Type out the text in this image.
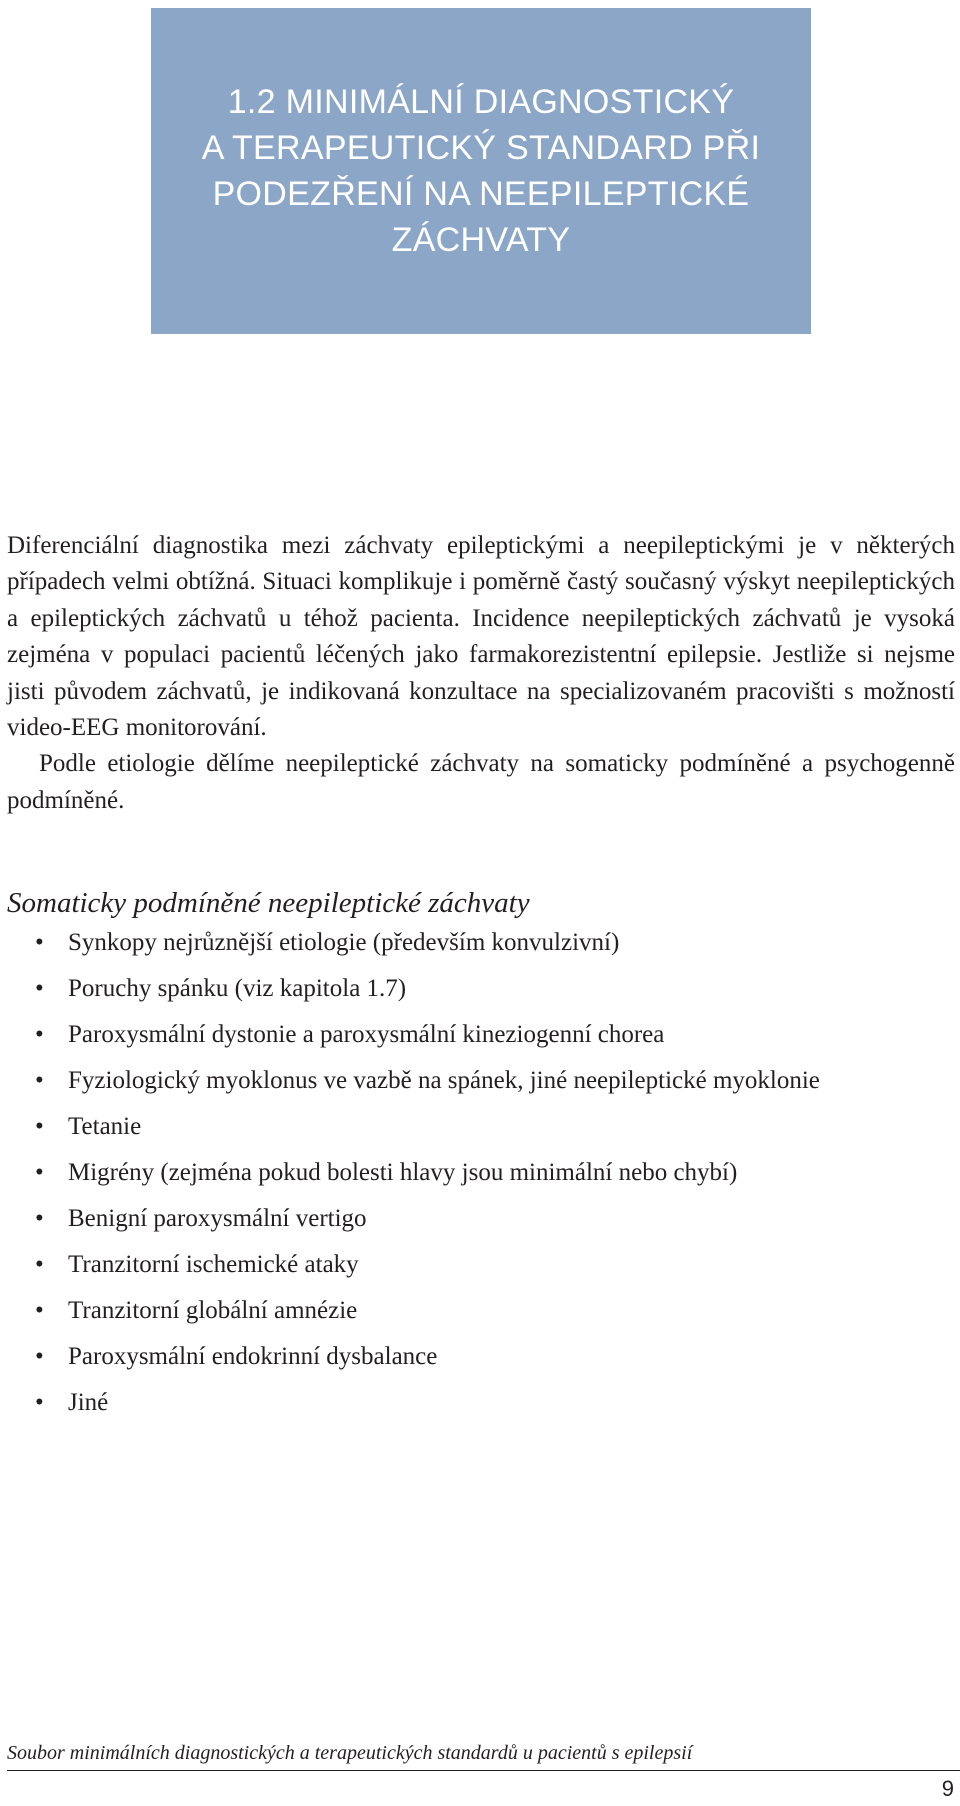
1.2 MINIMÁLNÍ DIAGNOSTICKÝ
A TERAPEUTICKÝ STANDARD PŘI
PODEZŘENÍ NA NEEPILEPTICKÉ
ZÁCHVATY

Diferenciální diagnostika mezi záchvaty epileptickými a neepileptickými je v některých případech velmi obtížná. Situaci komplikuje i poměrně častý současný výskyt neepileptických a epileptických záchvatů u téhož pacienta. Incidence neepileptických záchvatů je vysoká zejména v populaci pacientů léčených jako farmakorezistentní epilepsie. Jestliže si nejsme jisti původem záchvatů, je indikovaná konzultace na specializovaném pracovišti s možností video-EEG monitorování.

Podle etiologie dělíme neepileptické záchvaty na somaticky podmíněné a psychogenně podmíněné.

Somaticky podmíněné neepileptické záchvaty
• Synkopy nejrůznější etiologie (především konvulzivní)
• Poruchy spánku (viz kapitola 1.7)
• Paroxysmální dystonie a paroxysmální kineziogenní chorea
• Fyziologický myoklonus ve vazbě na spánek, jiné neepileptické myoklonie
• Tetanie
• Migrény (zejména pokud bolesti hlavy jsou minimální nebo chybí)
• Benigní paroxysmální vertigo
• Tranzitorní ischemické ataky
• Tranzitorní globální amnézie
• Paroxysmální endokrinní dysbalance
• Jiné

Soubor minimálních diagnostických a terapeutických standardů u pacientů s epilepsií

9
